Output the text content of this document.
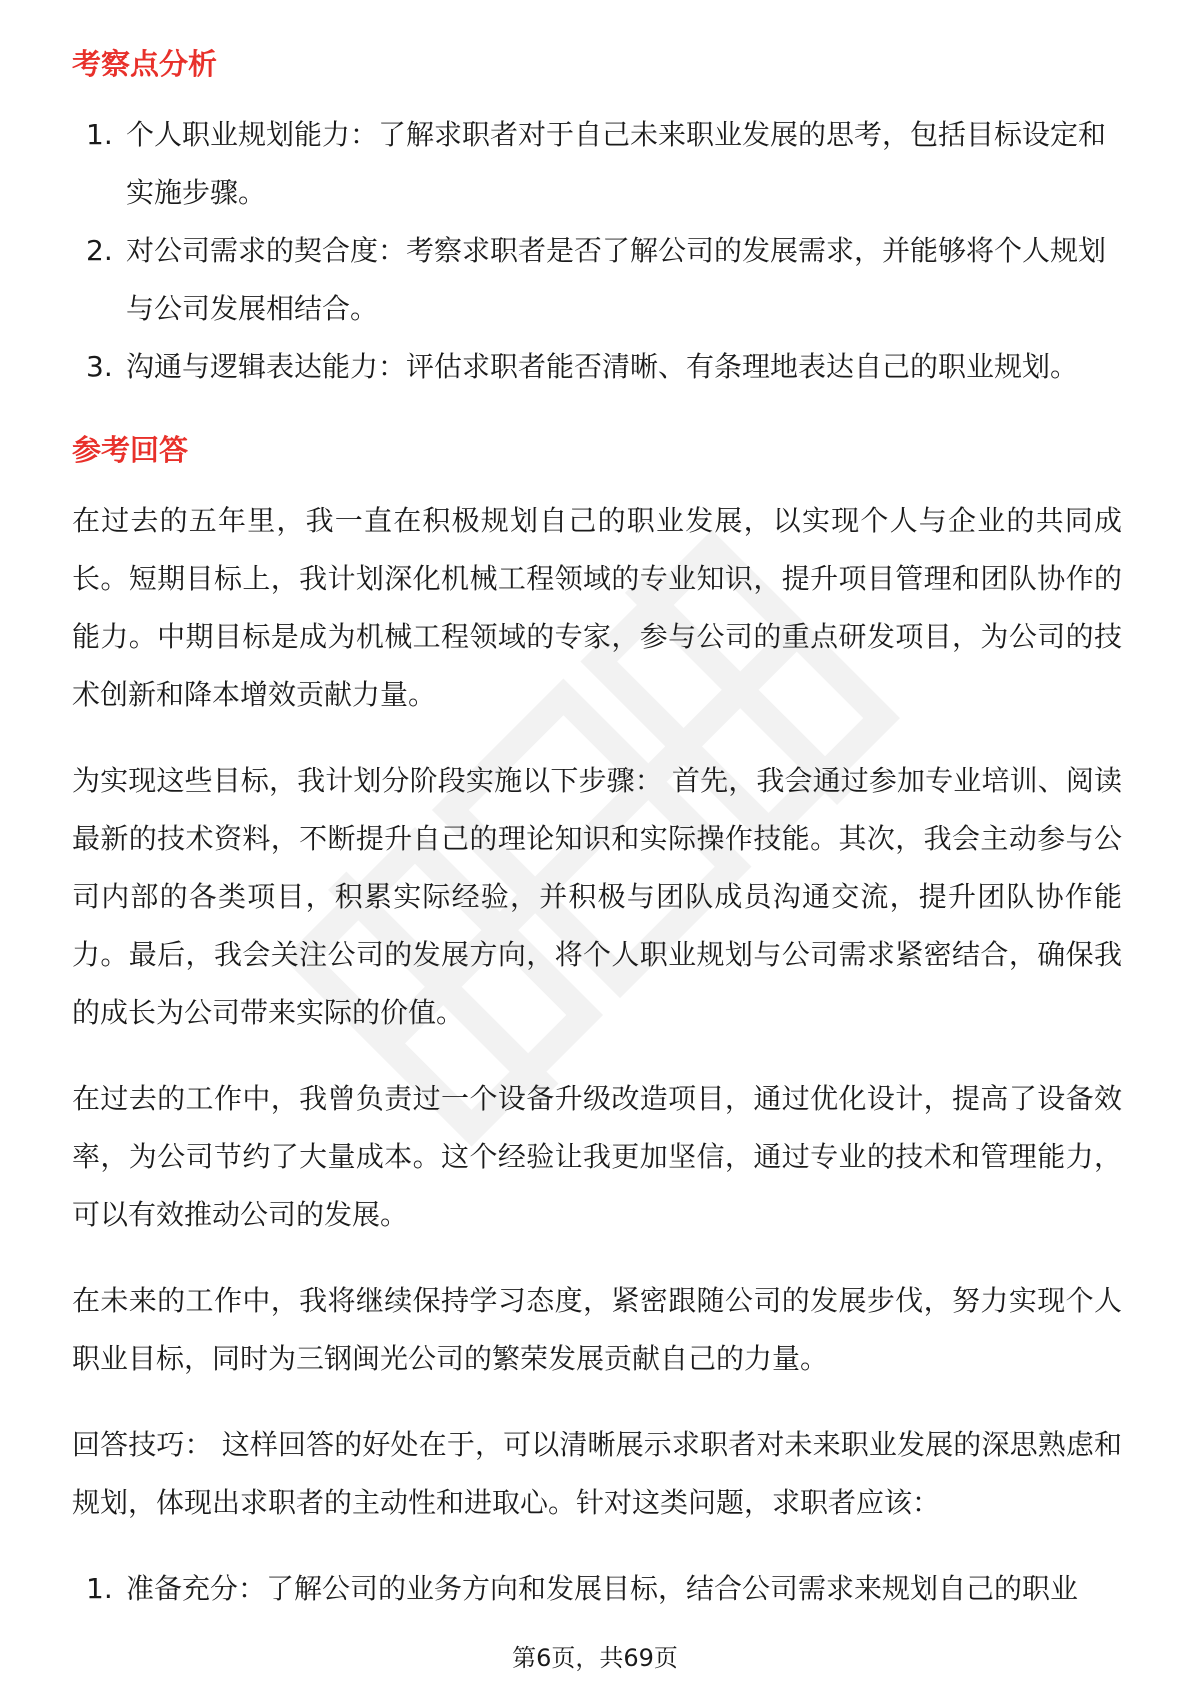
考察点分析
1. 个人职业规划能力：了解求职者对于自己未来职业发展的思考，包括目标设定和实施步骤。
2. 对公司需求的契合度：考察求职者是否了解公司的发展需求，并能够将个人规划与公司发展相结合。
3. 沟通与逻辑表达能力：评估求职者能否清晰、有条理地表达自己的职业规划。
参考回答

在过去的五年里，我一直在积极规划自己的职业发展，以实现个人与企业的共同成长。短期目标上，我计划深化机械工程领域的专业知识，提升项目管理和团队协作的能力。中期目标是成为机械工程领域的专家，参与公司的重点研发项目，为公司的技术创新和降本增效贡献力量。

为实现这些目标，我计划分阶段实施以下步骤： 首先，我会通过参加专业培训、阅读最新的技术资料，不断提升自己的理论知识和实际操作技能。其次，我会主动参与公司内部的各类项目，积累实际经验，并积极与团队成员沟通交流，提升团队协作能力。最后，我会关注公司的发展方向，将个人职业规划与公司需求紧密结合，确保我的成长为公司带来实际的价值。

在过去的工作中，我曾负责过一个设备升级改造项目，通过优化设计，提高了设备效率，为公司节约了大量成本。这个经验让我更加坚信，通过专业的技术和管理能力，可以有效推动公司的发展。

在未来的工作中，我将继续保持学习态度，紧密跟随公司的发展步伐，努力实现个人职业目标，同时为三钢闽光公司的繁荣发展贡献自己的力量。

回答技巧： 这样回答的好处在于，可以清晰展示求职者对未来职业发展的深思熟虑和规划，体现出求职者的主动性和进取心。针对这类问题，求职者应该：

1. 准备充分：了解公司的业务方向和发展目标，结合公司需求来规划自己的职业
第6页，共69页
